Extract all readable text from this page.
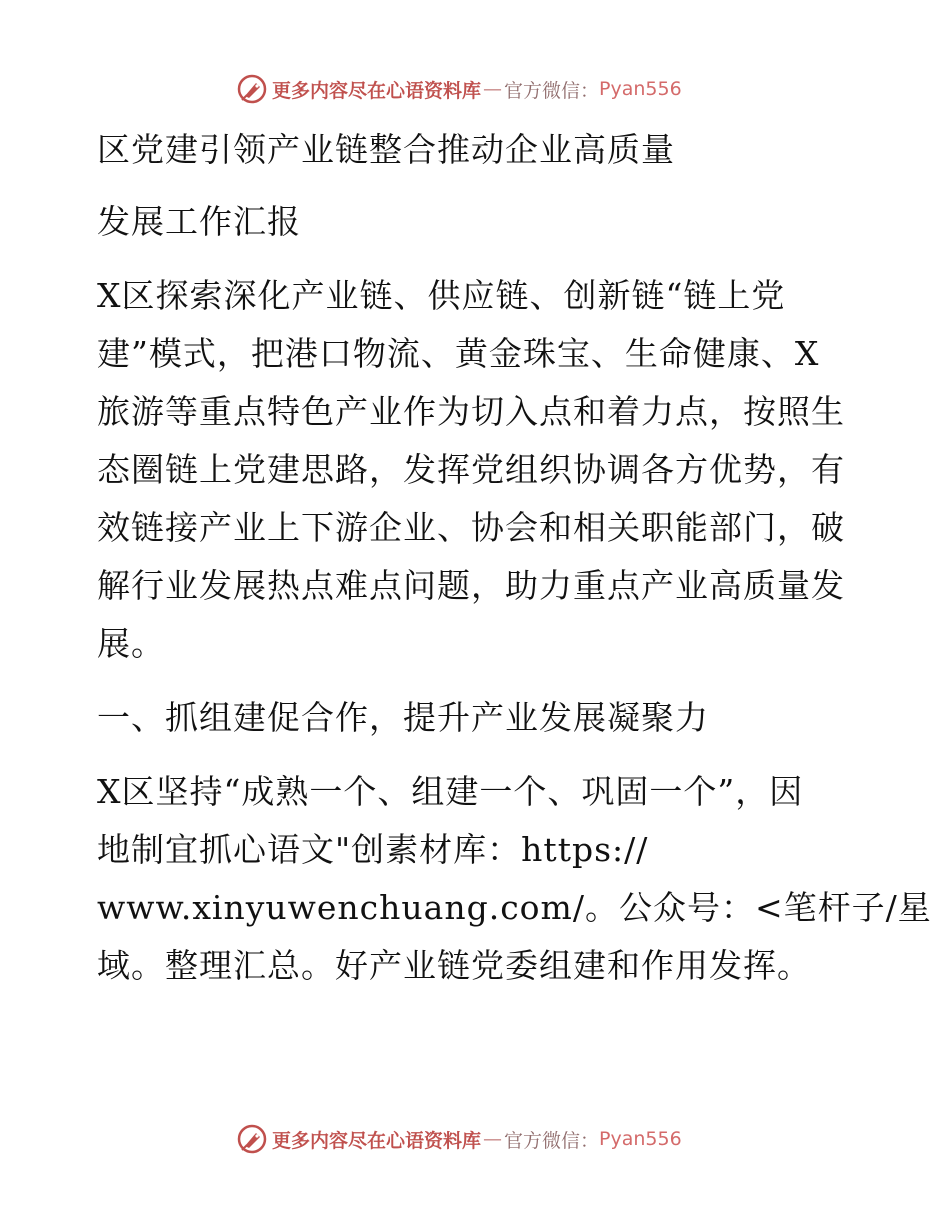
更多内容尽在心语资料库 — 官方微信： Pyan556
区党建引领产业链整合推动企业高质量
发展工作汇报
X区探索深化产业链、供应链、创新链“链上党
建”模式，把港口物流、黄金珠宝、生命健康、X
旅游等重点特色产业作为切入点和着力点，按照生
态圈链上党建思路，发挥党组织协调各方优势，有
效链接产业上下游企业、协会和相关职能部门，破
解行业发展热点难点问题，助力重点产业高质量发
展。
一、抓组建促合作，提升产业发展凝聚力
X区坚持“成熟一个、组建一个、巩固一个”，因
地制宜抓心语文"创素材库：https://
www.xinyuwenchuang.com/。公众号：<笔杆子/星
域。整理汇总。好产业链党委组建和作用发挥。
更多内容尽在心语资料库 — 官方微信： Pyan556
